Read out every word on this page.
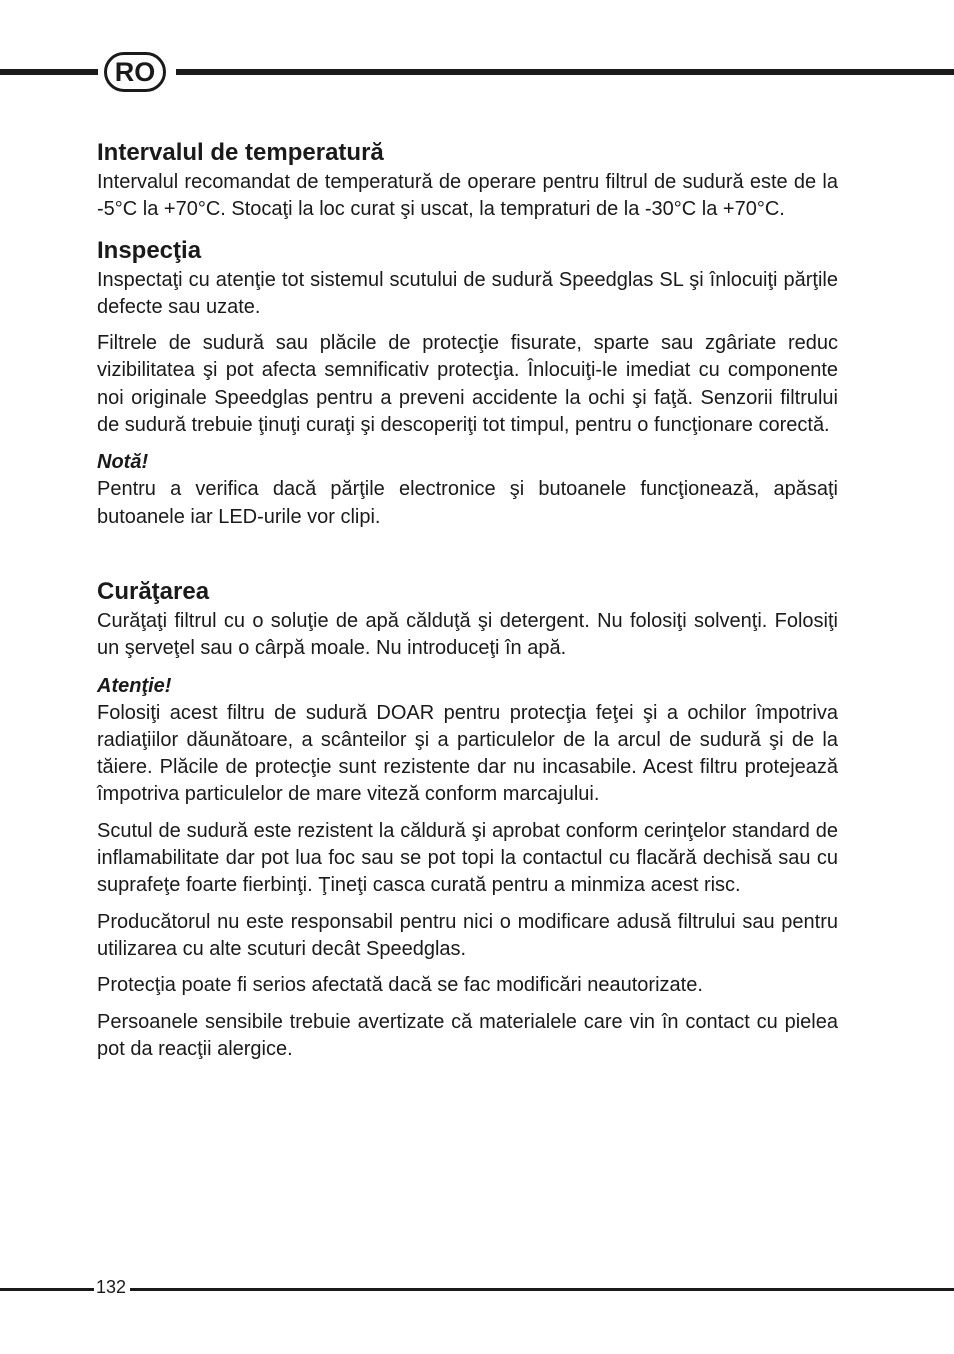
RO
Intervalul de temperatură

Intervalul recomandat de temperatură de operare pentru filtrul de sudură este de la -5°C la +70°C. Stocaţi la loc curat şi uscat, la tempraturi de la -30°C la +70°C.

Inspecţia

Inspectaţi cu atenţie tot sistemul scutului de sudură Speedglas SL şi înlocuiţi părţile defecte sau uzate.

Filtrele de sudură sau plăcile de protecţie fisurate, sparte sau zgâriate reduc vizibilitatea şi pot afecta semnificativ protecţia. Înlocuiţi-le imediat cu componente noi originale Speedglas pentru a preveni accidente la ochi şi faţă. Senzorii filtrului de sudură trebuie ţinuţi curaţi şi descoperiţi tot timpul, pentru o funcţionare corectă.

Notă!

Pentru a verifica dacă părţile electronice şi butoanele funcţionează, apăsaţi butoanele iar LED-urile vor clipi.

Curăţarea

Curăţaţi filtrul cu o soluţie de apă călduţă şi detergent. Nu folosiţi solvenţi. Folosiţi un şerveţel sau o cârpă moale. Nu introduceţi în apă.

Atenţie!

Folosiţi acest filtru de sudură DOAR pentru protecţia feţei şi a ochilor împotriva radiaţiilor dăunătoare, a scânteilor şi a particulelor de la arcul de sudură şi de la tăiere. Plăcile de protecţie sunt rezistente dar nu incasabile. Acest filtru protejează împotriva particulelor de mare viteză conform marcajului.

Scutul de sudură este rezistent la căldură şi aprobat conform cerinţelor standard de inflamabilitate dar pot lua foc sau se pot topi la contactul cu flacără dechisă sau cu suprafeţe foarte fierbinţi. Ţineţi casca curată pentru a minmiza acest risc.

Producătorul nu este responsabil pentru nici o modificare adusă filtrului sau pentru utilizarea cu alte scuturi decât Speedglas.

Protecţia poate fi serios afectată dacă se fac modificări neautorizate.

Persoanele sensibile trebuie avertizate că materialele care vin în contact cu pielea pot da reacţii alergice.

132
